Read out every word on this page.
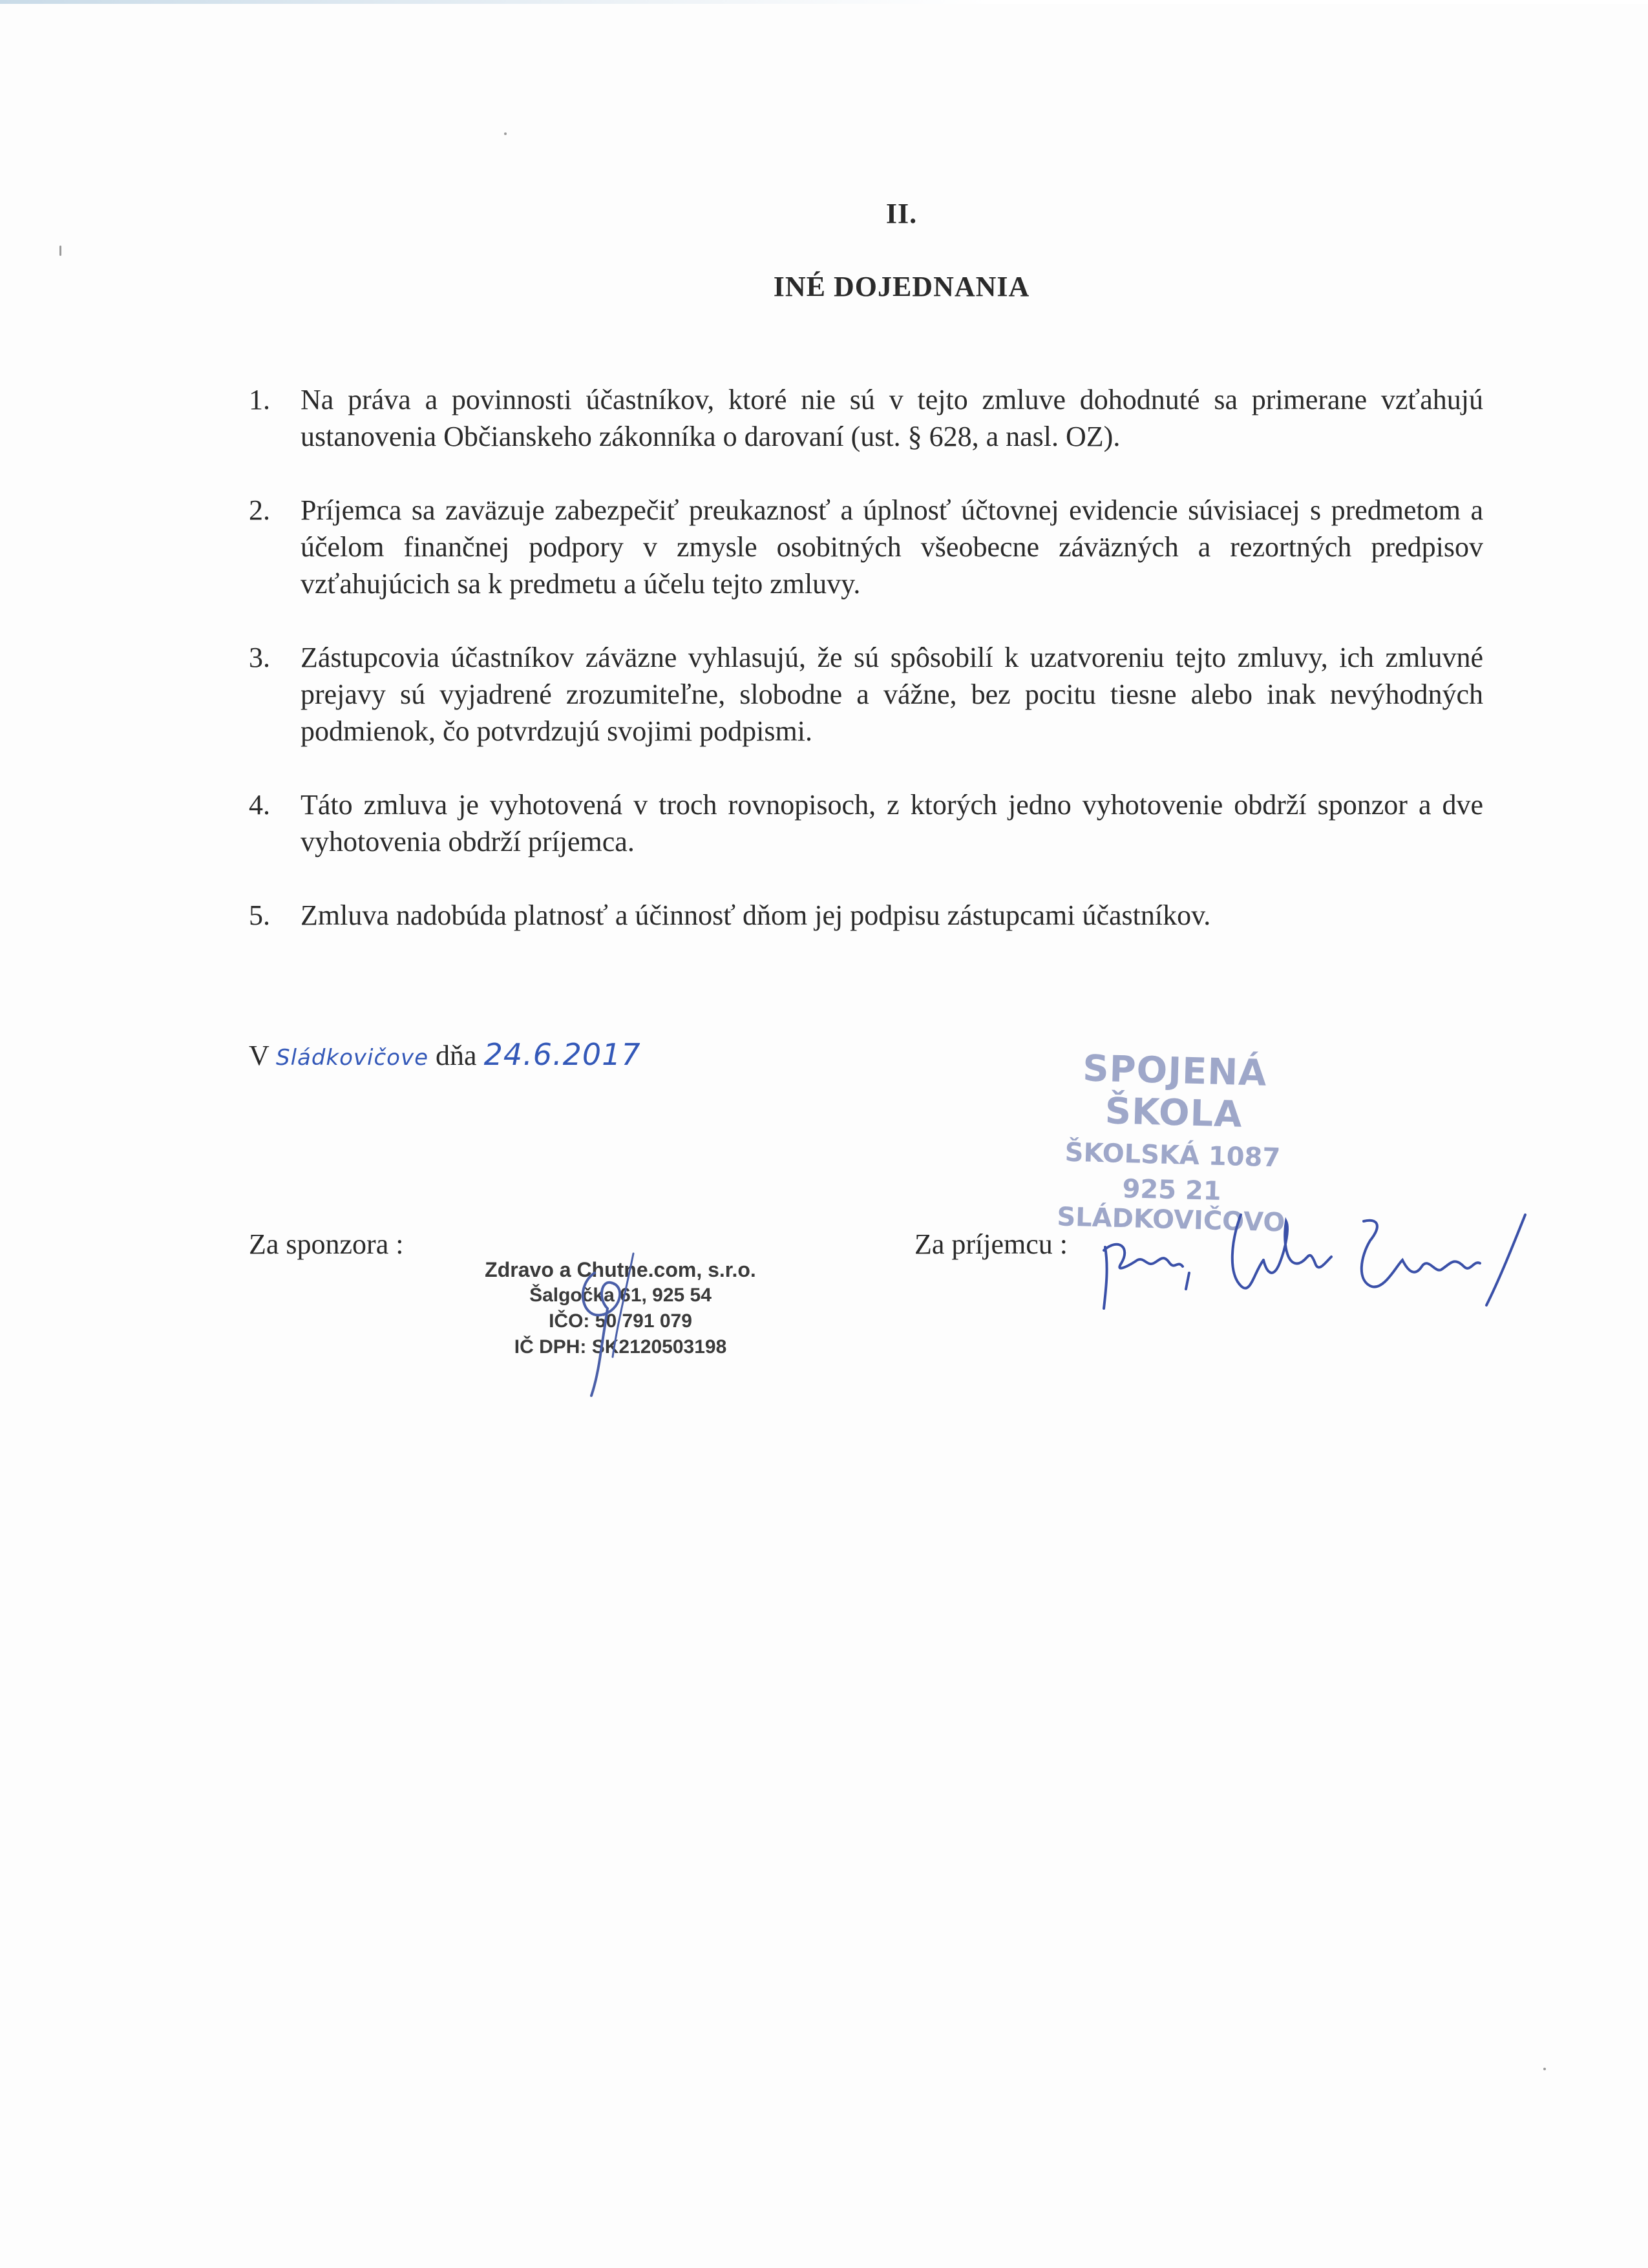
II.
INÉ DOJEDNANIA
1.	Na práva a povinnosti účastníkov, ktoré nie sú v tejto zmluve dohodnuté sa primerane vzťahujú ustanovenia Občianskeho zákonníka o darovaní (ust. § 628, a nasl. OZ).
2.	Príjemca sa zaväzuje zabezpečiť preukaznosť a úplnosť účtovnej evidencie súvisiacej s predmetom a účelom finančnej podpory v zmysle osobitných všeobecne záväzných a rezortných predpisov vzťahujúcich sa k predmetu a účelu tejto zmluvy.
3.	Zástupcovia účastníkov záväzne vyhlasujú, že sú spôsobilí k uzatvoreniu tejto zmluvy, ich zmluvné prejavy sú vyjadrené zrozumiteľne, slobodne a vážne, bez pocitu tiesne alebo inak nevýhodných podmienok, čo potvrdzujú svojimi podpismi.
4.	Táto zmluva je vyhotovená v troch rovnopisoch, z ktorých jedno vyhotovenie obdrží sponzor a dve vyhotovenia obdrží príjemca.
5.	Zmluva nadobúda platnosť a účinnosť dňom jej podpisu zástupcami účastníkov.
V Sládkovičove dňa 24.6.2017	SPOJENÁ ŠKOLA
ŠKOLSKÁ 1087
925 21 SLÁDKOVIČOVO
Za sponzora :
Zdravo a Chutne.com, s.r.o.
Šalgočka 61, 925 54
IČO: 50 791 079
IČ DPH: SK2120503198
Za príjemcu :
